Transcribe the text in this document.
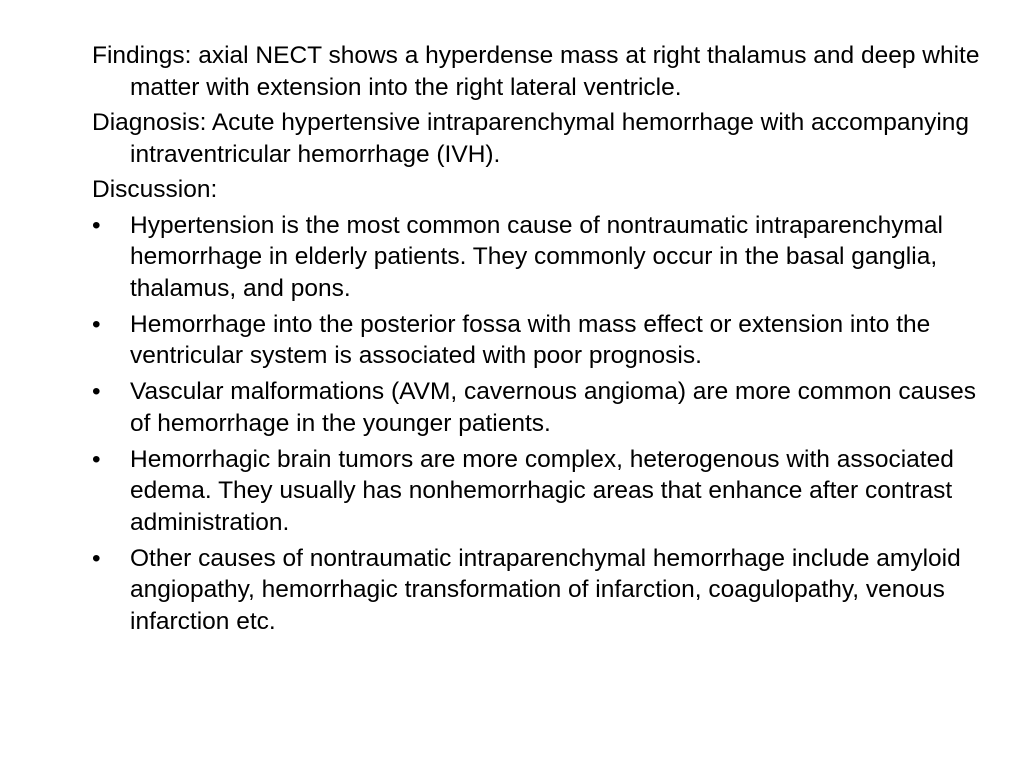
Findings: axial NECT shows a hyperdense mass at right thalamus and deep white matter with extension into the right lateral ventricle.

Diagnosis: Acute hypertensive intraparenchymal hemorrhage with accompanying intraventricular hemorrhage (IVH).

Discussion:

• Hypertension is the most common cause of nontraumatic intraparenchymal hemorrhage in elderly patients. They commonly occur in the basal ganglia, thalamus, and pons.
• Hemorrhage into the posterior fossa with mass effect or extension into the ventricular system is associated with poor prognosis.
• Vascular malformations (AVM, cavernous angioma) are more common causes of hemorrhage in the younger patients.
• Hemorrhagic brain tumors are more complex, heterogenous with associated edema. They usually has nonhemorrhagic areas that enhance after contrast administration.
• Other causes of nontraumatic intraparenchymal hemorrhage include amyloid angiopathy, hemorrhagic transformation of infarction, coagulopathy, venous infarction etc.
